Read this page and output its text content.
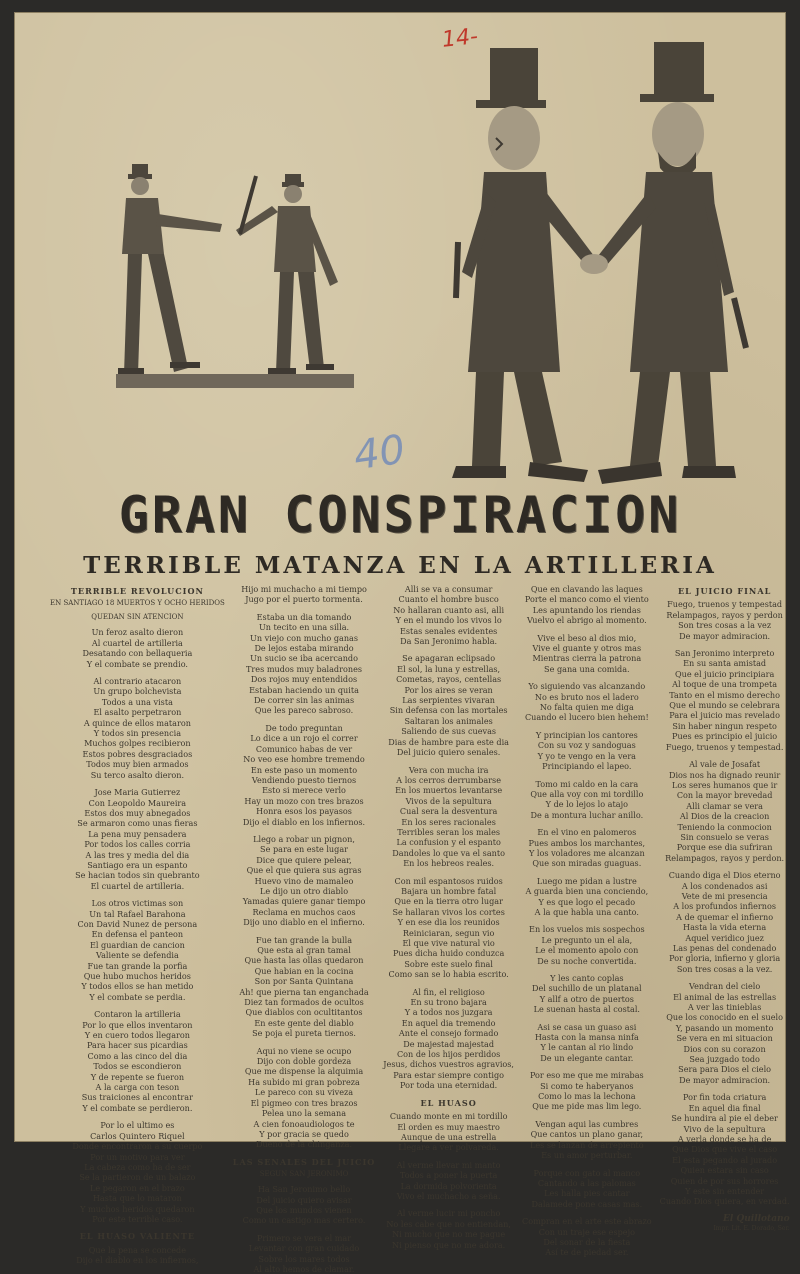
14-
40
GRAN CONSPIRACION
TERRIBLE MATANZA EN LA ARTILLERIA
TERRIBLE REVOLUCION
EN SANTIAGO 18 MUERTOS Y OCHO HERIDOS
QUEDAN SIN ATENCION

Un feroz asalto dieron
Al cuartel de artilleria
Desatando con bellaqueria
Y el combate se prendio.

Al contrario atacaron
Un grupo bolchevista
Todos a una vista
El asalto perpetraron
A quince de ellos mataron
Y todos sin presencia
Muchos golpes recibieron
Estos pobres desgraciados
Todos muy bien armados
Su terco asalto dieron.

Jose Maria Gutierrez
Con Leopoldo Maureira
Estos dos muy abnegados
Se armaron como unas fieras
La pena muy pensadera
Por todos los calles corria
A las tres y media del dia
Santiago era un espanto
Se hacian todos sin quebranto
El cuartel de artilleria.

Los otros victimas son
Un tal Rafael Barahona
Con David Nunez de persona
En defensa el panteon
El guardian de cancion
Valiente se defendia
Fue tan grande la porfia
Que hubo muchos heridos
Y todos ellos se han metido
Y el combate se perdia.

Contaron la artilleria
Por lo que ellos inventaron
Y en cuero todos llegaron
Para hacer sus picardias
Como a las cinco del dia
Todos se escondieron
Y de repente se fueron
A la carga con teson
Sus traiciones al encontrar
Y el combate se perdieron.

Por lo el ultimo es
Carlos Quintero Riquel
Donde encontraron a su cuerpo
Por un motivo para ver
La cabeza como ha de ser
Se la partieron de un balazo
Le pegaron en el brazo
Hasta que lo mataron
Y muchos heridos quedaron
Por este terrible caso.

EL HUASO VALIENTE

Que la pena se concede
Dijo el diablo en los infiernos,

Hijo mi muchacho a mi tiempo
Jugo por el puerto tormenta.

Estaba un dia tomando
Un tecito en una silla.
Un viejo con mucho ganas
De lejos estaba mirando
Un sucio se iba acercando
Tres mudos muy baladrones
Dos rojos muy entendidos
Estaban haciendo un quita
De correr sin las animas
Que les pareco sabroso.

De todo preguntan
Lo dice a un rojo el correr
Comunico habas de ver
No veo ese hombre tremendo
En este paso un momento
Vendiendo puesto tiernos
Esto si merece verlo
Hay un mozo con tres brazos
Honra esos los payasos
Dijo el diablo en los infiernos.

Llego a robar un pignon,
Se para en este lugar
Dice que quiere pelear,
Que el que quiera sus agras
Huevo vino de mamaleo
Le dijo un otro diablo
Yamadas quiere ganar tiempo
Reclama en muchos caos
Dijo uno diablo en el infierno.

Fue tan grande la bulla
Que esta al gran tamal
Que hasta las ollas quedaron
Que habian en la cocina
Son por Santa Quintana
Ah! que pierna tan enganchada
Diez tan formados de ocultos
Que diablos con ocultitantos
En este gente del diablo
Se poja el pureta tiernos.

Aqui no viene se ocupo
Dijo con doble gordeza
Que me dispense la alquimia
Ha subido mi gran pobreza
Le pareco con su viveza
El pigmeo con tres brazos
Pelea uno la semana
A cien fonoaudiologos te
Y por gracia se quedo
Dueno de la chinganza.

LAS SENALES DEL JUICIO
SEGUN SAN JERONIMO

Ha San Jeronimo bello
Del juicio quiero avisar
Que los mundos vienen
Como un castigo mas certero.

Primero se vera el mar
Levantar con gran cuidado
Sobre los mares todos
Al alto hemos de clamar.

Alli se va a consumar
Cuanto el hombre busco
No hallaran cuanto asi, alli
Y en el mundo los vivos lo
Estas senales evidentes
Da San Jeronimo habla.

Se apagaran eclipsado
El sol, la luna y estrellas,
Cometas, rayos, centellas
Por los aires se veran
Las serpientes vivaran
Sin defensa con las mortales
Saltaran los animales
Saliendo de sus cuevas
Dias de hambre para este dia
Del juicio quiero senales.

Vera con mucha ira
A los cerros derrumbarse
En los muertos levantarse
Vivos de la sepultura
Cual sera la desventura
En los seres racionales
Terribles seran los males
La confusion y el espanto
Dandoles lo que va el santo
En los hebreos reales.

Con mil espantosos ruidos
Bajara un hombre fatal
Que en la tierra otro lugar
Se hallaran vivos los cortes
Y en ese dia los reunidos
Reiniciaran, segun vio
El que vive natural vio
Pues dicha huido conduzca
Sobre este suelo final
Como san se lo habia escrito.

Al fin, el religioso
En su trono bajara
Y a todos nos juzgara
En aquel dia tremendo
Ante el consejo formado
De majestad majestad
Con de los hijos perdidos
Jesus, dichos vuestros agravios,
Para estar siempre contigo
Por toda una eternidad.

EL HUASO

Cuando monte en mi tordillo
El orden es muy maestro
Aunque de una estrella
Llegare a ver polvareda.

Al verme llevar mi manto
Todos a poner la puerta
La dormida polvorienta
Vivo el muchacho a seña.

Al verme lucir mi poncho
No les cabe que no entiendan,
Ni mucho que no me pague
Ni pienso que no me adora.

Que en clavando las laques
Porte el manco como el viento
Les apuntando los riendas
Vuelvo el abrigo al momento.

Vive el beso al dios mio,
Vive el guante y otros mas
Mientras cierra la patrona
Se gana una comida.

Yo siguiendo vas alcanzando
No es bruto nos el ladero
No falta quien me diga
Cuando el lucero bien hehem!

Y principian los cantores
Con su voz y sandoguas
Y yo te vengo en la vera
Principiando el lapeo.

Tomo mi caldo en la cara
Que alla voy con mi tordillo
Y de lo lejos lo atajo
De a montura luchar anillo.

En el vino en palomeros
Pues ambos los marchantes,
Y los voladores me alcanzan
Que son miradas guaguas.

Luego me pidan a lustre
A guarda bien una conciendo,
Y es que logo el pecado
A la que habla una canto.

En los vuelos mis sospechos
Le pregunto un el ala,
Le el momento apolo con
De su noche convertida.

Y les canto coplas
Del suchillo de un platanal
Y allf a otro de puertos
Le suenan hasta al costal.

Asi se casa un guaso asi
Hasta con la mansa ninfa
Y le cantan al rio lindo
De un elegante cantar.

Por eso me que me mirabas
Si como te haberyanos
Como lo mas la lechona
Que me pide mas lim lego.

Vengan aqui las cumbres
Que cantos un plano ganar,
Les se lanzan de arrepiento
Es un amor perturbar.

Porque con gato al manco
Cantando a las palomas
Les halla pies cantar
Dalamede pone casas mas.

Compran en el arte este abrazo
Con un traje ese espejo
Del sonar de la fiesta
Así te de piedad ser.

EL JUICIO FINAL

Fuego, truenos y tempestad
Relampagos, rayos y perdon
Son tres cosas a la vez
De mayor admiracion.

San Jeronimo interpreto
En su santa amistad
Que el juicio principiara
Al toque de una trompeta
Tanto en el mismo derecho
Que el mundo se celebrara
Para el juicio mas revelado
Sin haber ningun respeto
Pues es principio el juicio
Fuego, truenos y tempestad.

Al vale de Josafat
Dios nos ha dignado reunir
Los seres humanos que ir
Con la mayor brevedad
Alli clamar se vera
Al Dios de la creacion
Teniendo la conmocion
Sin consuelo se veras
Porque ese dia sufriran
Relampagos, rayos y perdon.

Cuando diga el Dios eterno
A los condenados asi
Vete de mi presencia
A los profundos infiernos
A de quemar el infierno
Hasta la vida eterna
Aquel veridico juez
Las penas del condenado
Por gloria, infierno y gloria
Son tres cosas a la vez.

Vendran del cielo
El animal de las estrellas
A ver las tinieblas
Que los conocido en el suelo
Y, pasando un momento
Se vera en mi situacion
Dios con su corazon
Sea juzgado todo
Sera para Dios el cielo
De mayor admiracion.

Por fin toda criatura
En aquel dia final
Se hundira al pie el deber
Vivo de la sepultura
A verla donde se ha de
Que Dios que vive el caso
El esta pegando al jurado
Quien estara sin caso
Quien de por sus horrores
Y este sin entender
Cuando Dios quiera, en verdad.

El Quillotano
Impr. Lit. E. Dorado, Ser.
